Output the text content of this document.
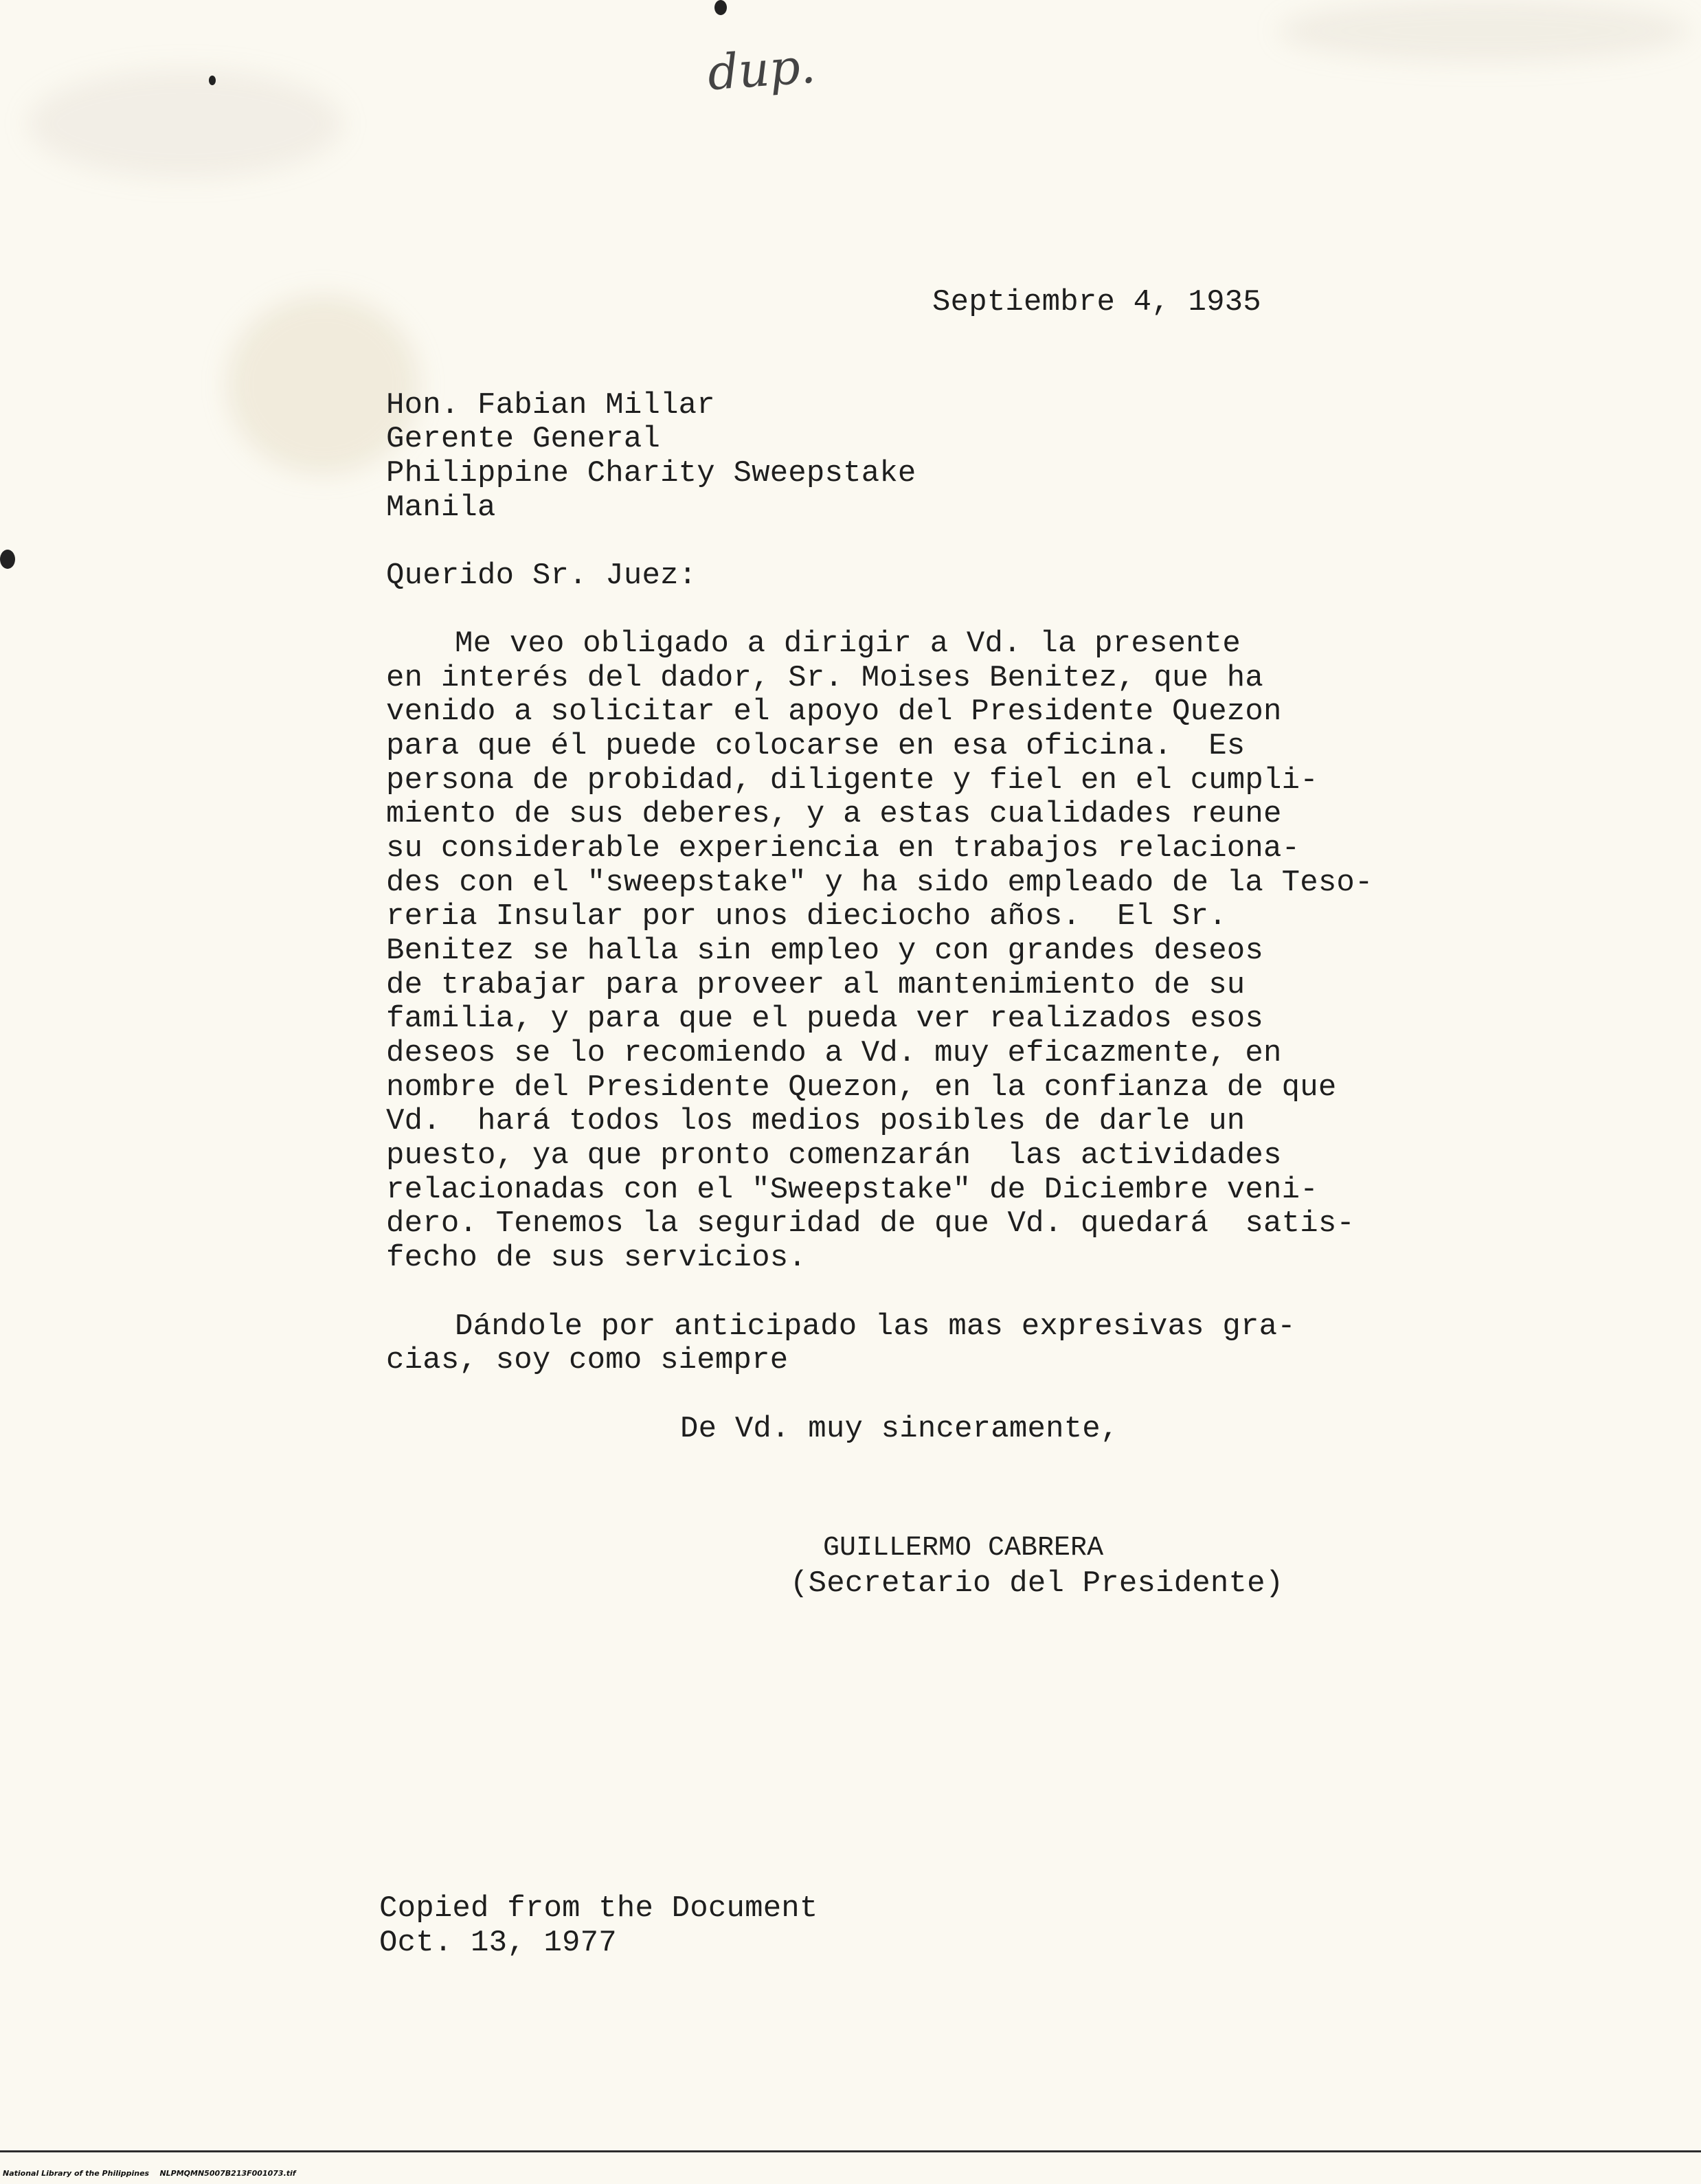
dup.
Septiembre 4, 1935
Hon. Fabian Millar
Gerente General
Philippine Charity Sweepstake
Manila
Querido Sr. Juez:
Me veo obligado a dirigir a Vd. la presente
en interés del dador, Sr. Moises Benitez, que ha
venido a solicitar el apoyo del Presidente Quezon
para que él puede colocarse en esa oficina.  Es
persona de probidad, diligente y fiel en el cumpli-
miento de sus deberes, y a estas cualidades reune
su considerable experiencia en trabajos relaciona-
des con el "sweepstake" y ha sido empleado de la Teso-
reria Insular por unos dieciocho años.  El Sr.
Benitez se halla sin empleo y con grandes deseos
de trabajar para proveer al mantenimiento de su
familia, y para que el pueda ver realizados esos
deseos se lo recomiendo a Vd. muy eficazmente, en
nombre del Presidente Quezon, en la confianza de que
Vd.  hará todos los medios posibles de darle un
puesto, ya que pronto comenzarán  las actividades
relacionadas con el "Sweepstake" de Diciembre veni-
dero. Tenemos la seguridad de que Vd. quedará  satis-
fecho de sus servicios.
Dándole por anticipado las mas expresivas gra-
cias, soy como siempre
De Vd. muy sinceramente,
GUILLERMO CABRERA
(Secretario del Presidente)
Copied from the Document
Oct. 13, 1977
National Library of the Philippines NLPMQMN5007B213F001073.tif
